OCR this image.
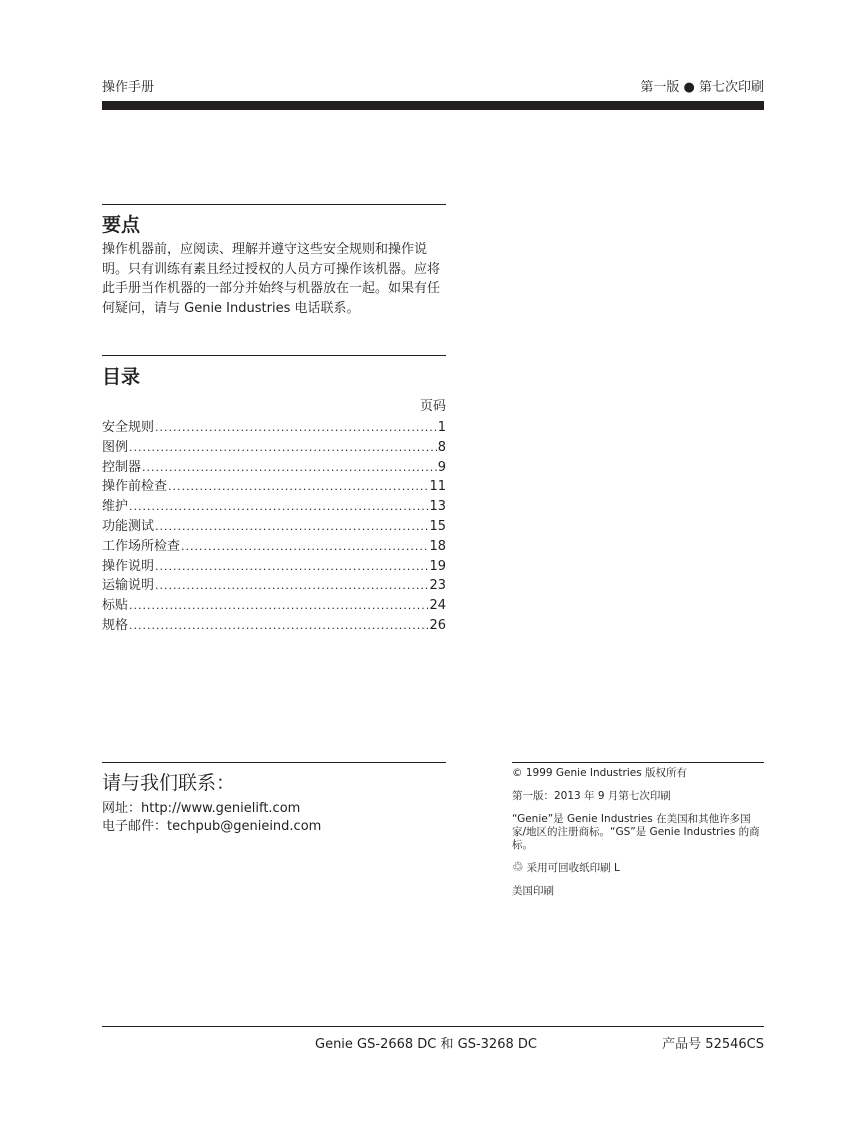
操作手册	第一版 ● 第七次印刷
要点
操作机器前，应阅读、理解并遵守这些安全规则和操作说明。只有训练有素且经过授权的人员方可操作该机器。应将此手册当作机器的一部分并始终与机器放在一起。如果有任何疑问，请与 Genie Industries 电话联系。
目录
页码
安全规则 .....	1
图例 .....	8
控制器 .....	9
操作前检查 .....	11
维护 .....	13
功能测试 .....	15
工作场所检查 .....	18
操作说明 .....	19
运输说明 .....	23
标贴 .....	24
规格 .....	26
请与我们联系：
网址：http://www.genielift.com
电子邮件：techpub@genieind.com
© 1999 Genie Industries 版权所有
第一版：2013 年 9 月第七次印刷
“Genie”是 Genie Industries 在美国和其他许多国家/地区的注册商标。“GS”是 Genie Industries 的商标。
♲ 采用可回收纸印刷 L
美国印刷
Genie GS-2668 DC 和 GS-3268 DC	产品号 52546CS
